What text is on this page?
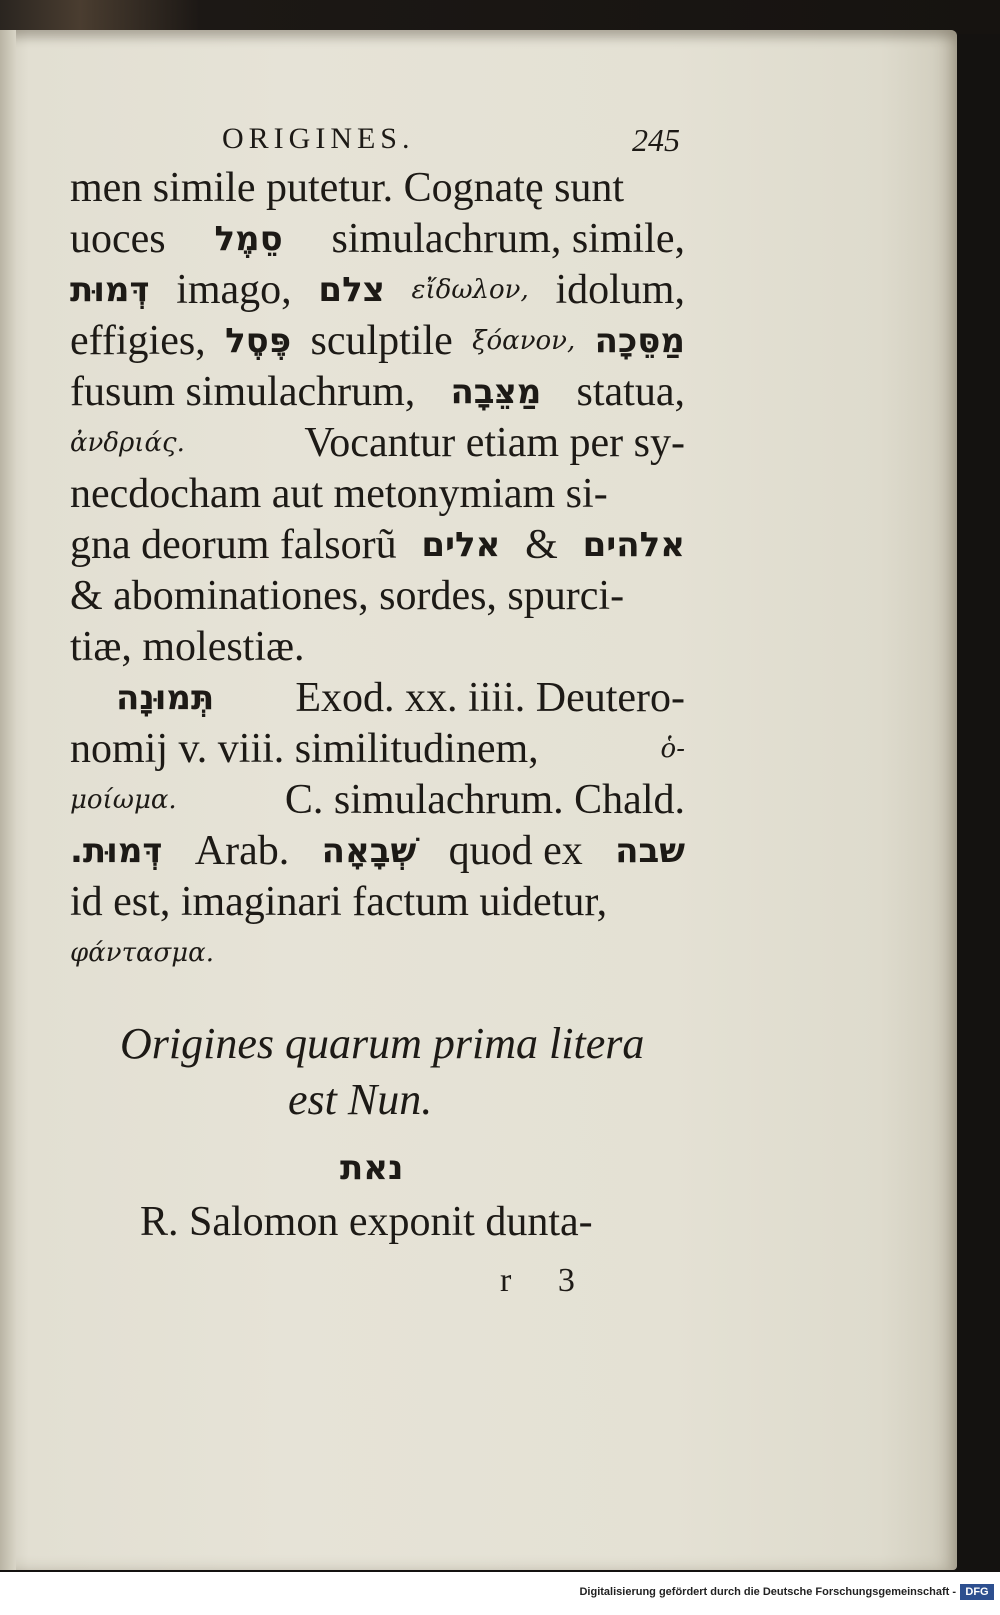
ORIGINES.	245
men simile putetur. Cognatę sunt
uoces סֵמֶל simulachrum, simile,
דְּמוּת imago, צלם εἴδωλον, idolum,
effigies, פֶּסֶל sculptile ξόανον, מַסֵּכָה
fusum simulachrum, מַצֵּבָה statua,
ἀνδριάς.	Vocantur etiam per sy-
necdocham aut metonymiam si-
gna deorum falsorũ אלים & אלהים
& abominationes, sordes, spurci-
tiæ, molestiæ.
תְּמוּנָה Exod. xx. iiii. Deutero-
nomij v. viii. similitudinem,	ὁ-
μοίωμα.	C. simulachrum. Chald.
דְּמוּת. Arab. שְׁבָאָה quod ex שבה
id est, imaginari factum uidetur,
φάντασμα.
Origines quarum prima litera
est Nun.
נאת
R. Salomon exponit dunta-
r 3
Digitalisierung gefördert durch die Deutsche Forschungsgemeinschaft - DFG
